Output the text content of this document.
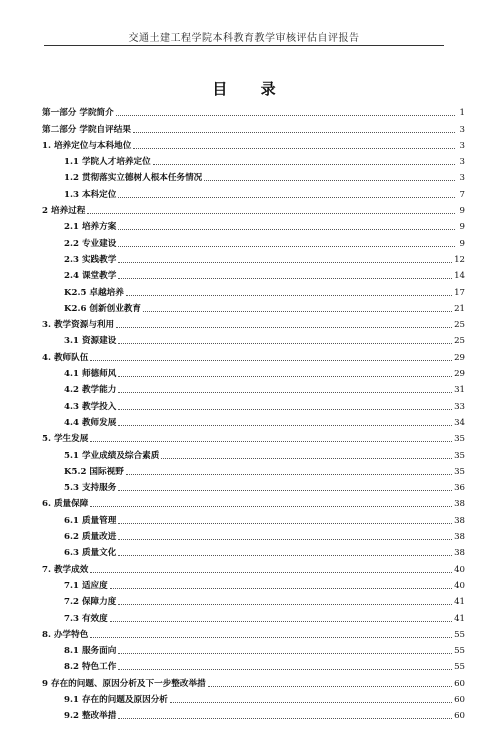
交通土建工程学院本科教育教学审核评估自评报告
目 录
第一部分 学院简介	1
第二部分 学院自评结果	3
1. 培养定位与本科地位	3
1.1 学院人才培养定位	3
1.2 贯彻落实立德树人根本任务情况	3
1.3 本科定位	7
2 培养过程	9
2.1 培养方案	9
2.2 专业建设	9
2.3 实践教学	12
2.4 课堂教学	14
K2.5 卓越培养	17
K2.6 创新创业教育	21
3. 教学资源与利用	25
3.1 资源建设	25
4. 教师队伍	29
4.1 师德师风	29
4.2 教学能力	31
4.3 教学投入	33
4.4 教师发展	34
5. 学生发展	35
5.1 学业成绩及综合素质	35
K5.2 国际视野	35
5.3 支持服务	36
6. 质量保障	38
6.1 质量管理	38
6.2 质量改进	38
6.3 质量文化	38
7. 教学成效	40
7.1 适应度	40
7.2 保障力度	41
7.3 有效度	41
8. 办学特色	55
8.1 服务面向	55
8.2 特色工作	55
9 存在的问题、原因分析及下一步整改举措	60
9.1 存在的问题及原因分析	60
9.2 整改举措	60
